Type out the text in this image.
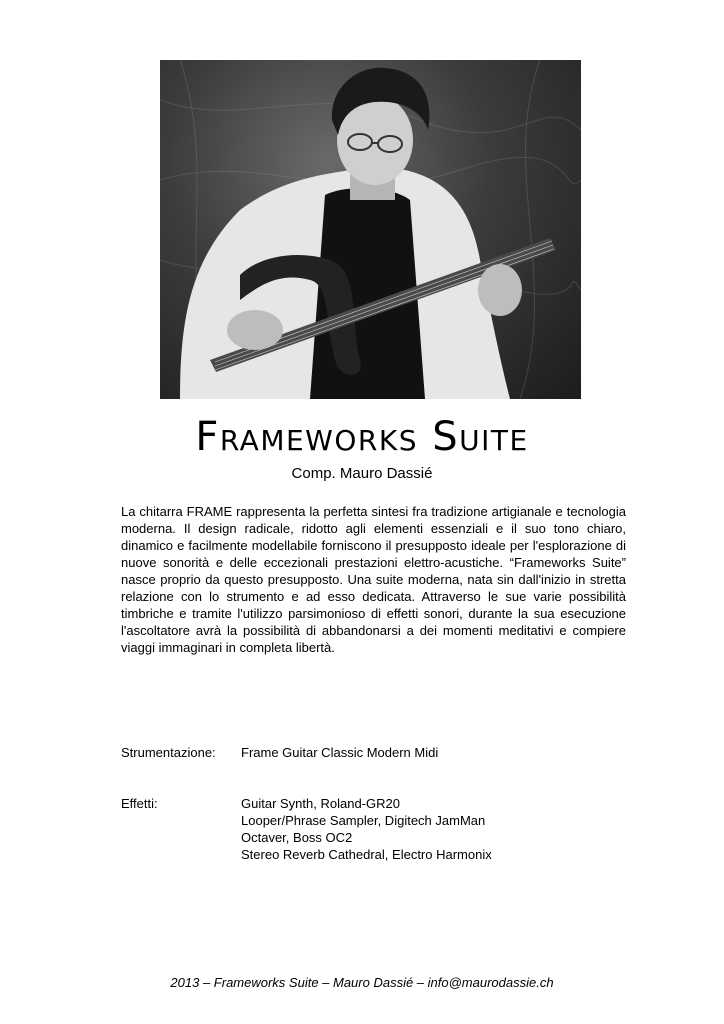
Frameworks Suite
Comp. Mauro Dassié
La chitarra FRAME rappresenta la perfetta sintesi fra tradizione artigianale e tecnologia moderna. Il design radicale, ridotto agli elementi essenziali e il suo tono chiaro, dinamico e facilmente modellabile forniscono il presupposto ideale per l'esplorazione di nuove sonorità e delle eccezionali prestazioni elettro-acustiche. “Frameworks Suite” nasce proprio da questo presupposto. Una suite moderna, nata sin dall'inizio in stretta relazione con lo strumento e ad esso dedicata. Attraverso le sue varie possibilità timbriche e tramite l'utilizzo parsimonioso di effetti sonori, durante la sua esecuzione l'ascoltatore avrà la possibilità di abbandonarsi a dei momenti meditativi e compiere viaggi immaginari in completa libertà.
Strumentazione: Frame Guitar Classic Modern Midi
Effetti:	Guitar Synth, Roland-GR20
Looper/Phrase Sampler, Digitech JamMan
Octaver, Boss OC2
Stereo Reverb Cathedral, Electro Harmonix
2013 – Frameworks Suite – Mauro Dassié – info@maurodassie.ch
